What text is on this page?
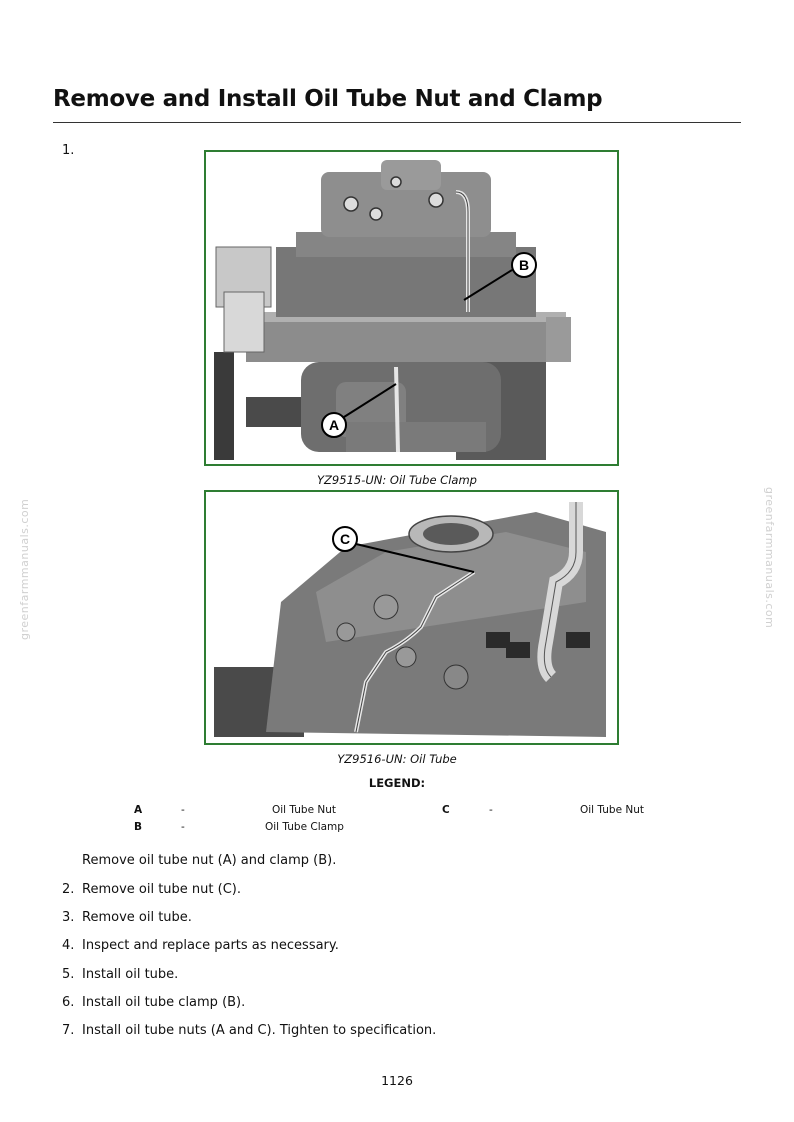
Remove and Install Oil Tube Nut and Clamp
1.
B
A
YZ9515-UN: Oil Tube Clamp
C
YZ9516-UN: Oil Tube
LEGEND:
A	-	Oil Tube Nut
B	-	Oil Tube Clamp
C	-	Oil Tube Nut
Remove oil tube nut (A) and clamp (B).
2. Remove oil tube nut (C).
3. Remove oil tube.
4. Inspect and replace parts as necessary.
5. Install oil tube.
6. Install oil tube clamp (B).
7. Install oil tube nuts (A and C). Tighten to specification.
greenfarmmanuals.com	greenfarmmanuals.com
1126
